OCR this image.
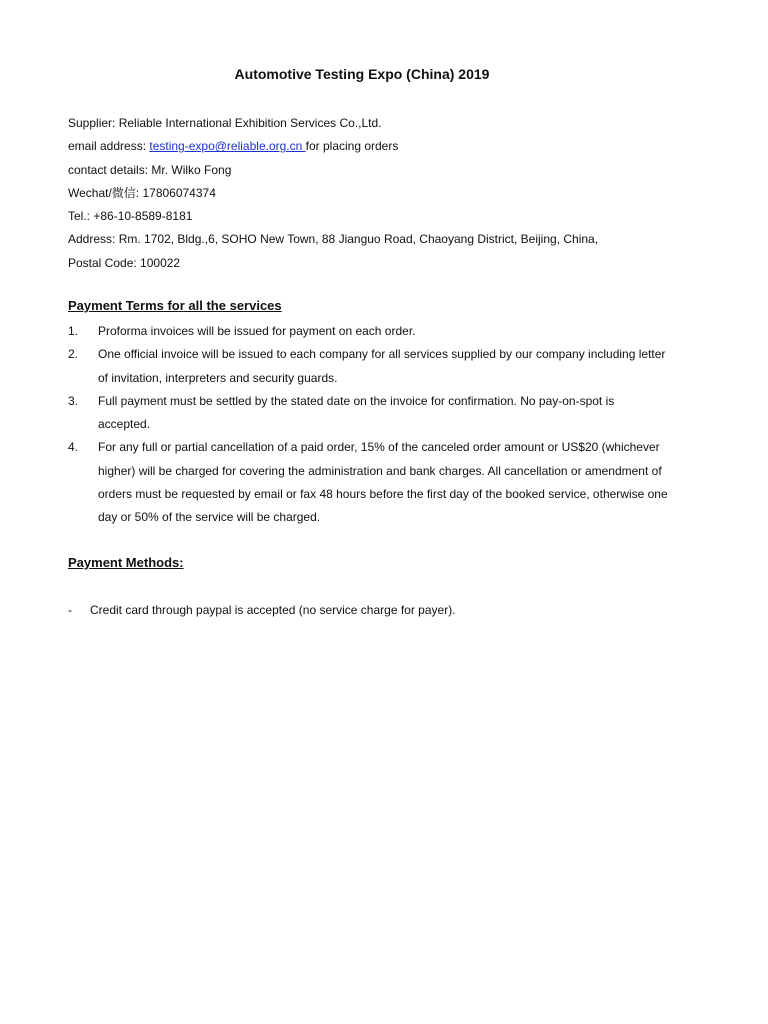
Automotive Testing Expo (China) 2019
Supplier: Reliable International Exhibition Services Co.,Ltd.
email address: testing-expo@reliable.org.cn for placing orders
contact details: Mr. Wilko Fong
Wechat/微信: 17806074374
Tel.: +86-10-8589-8181
Address: Rm. 1702, Bldg.,6, SOHO New Town, 88 Jianguo Road, Chaoyang District, Beijing, China,
Postal Code: 100022
Payment Terms for all the services
1. Proforma invoices will be issued for payment on each order.
2. One official invoice will be issued to each company for all services supplied by our company including letter of invitation, interpreters and security guards.
3. Full payment must be settled by the stated date on the invoice for confirmation. No pay-on-spot is accepted.
4. For any full or partial cancellation of a paid order, 15% of the canceled order amount or US$20 (whichever higher) will be charged for covering the administration and bank charges. All cancellation or amendment of orders must be requested by email or fax 48 hours before the first day of the booked service, otherwise one day or 50% of the service will be charged.
Payment Methods:
- Credit card through paypal is accepted (no service charge for payer).
